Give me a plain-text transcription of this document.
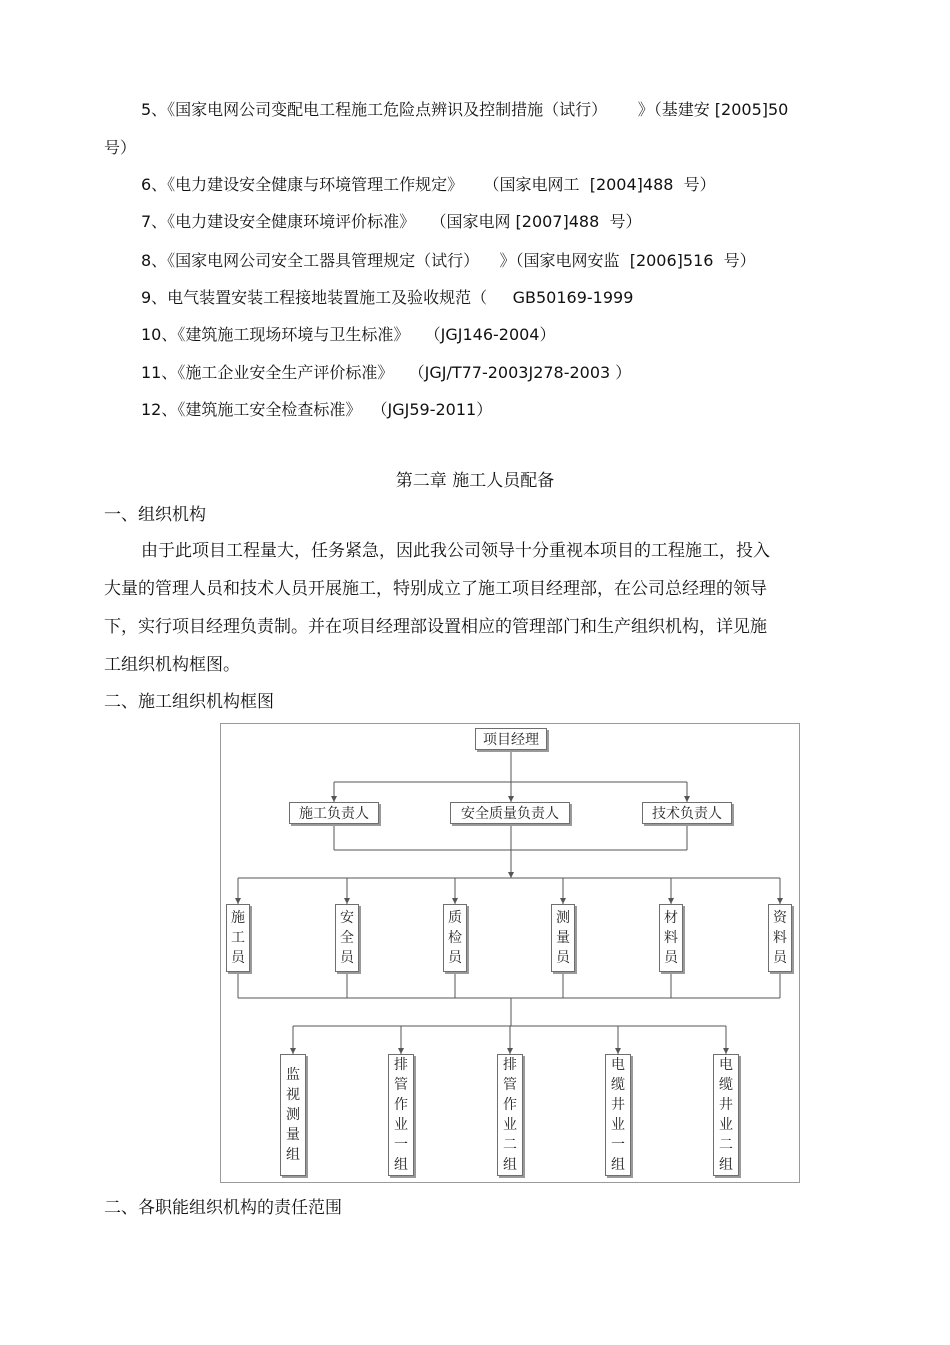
5、《国家电网公司变配电工程施工危险点辨识及控制措施（试行）      》（基建安 [2005]50
号）
6、《电力建设安全健康与环境管理工作规定》    （国家电网工  [2004]488  号）
7、《电力建设安全健康环境评价标准》   （国家电网 [2007]488  号）
8、《国家电网公司安全工器具管理规定（试行）    》（国家电网安监  [2006]516  号）
9、电气装置安装工程接地装置施工及验收规范（     GB50169-1999
10、《建筑施工现场环境与卫生标准》   （JGJ146-2004）
11、《施工企业安全生产评价标准》   （JGJ/T77-2003J278-2003 ）
12、《建筑施工安全检查标准》  （JGJ59-2011）
第二章 施工人员配备
一、组织机构
由于此项目工程量大，任务紧急，因此我公司领导十分重视本项目的工程施工，投入
大量的管理人员和技术人员开展施工，特别成立了施工项目经理部，在公司总经理的领导
下，实行项目经理负责制。并在项目经理部设置相应的管理部门和生产组织机构，详见施
工组织机构框图。
二、施工组织机构框图
项目经理
施工负责人	安全质量负责人	技术负责人
施
工
员
安
全
员
质
检
员
测
量
员
材
料
员
资
料
员
监
视
测
量
组
排
管
作
业
一
组
排
管
作
业
二
组
电
缆
井
业
一
组
电
缆
井
业
二
组
二、各职能组织机构的责任范围
